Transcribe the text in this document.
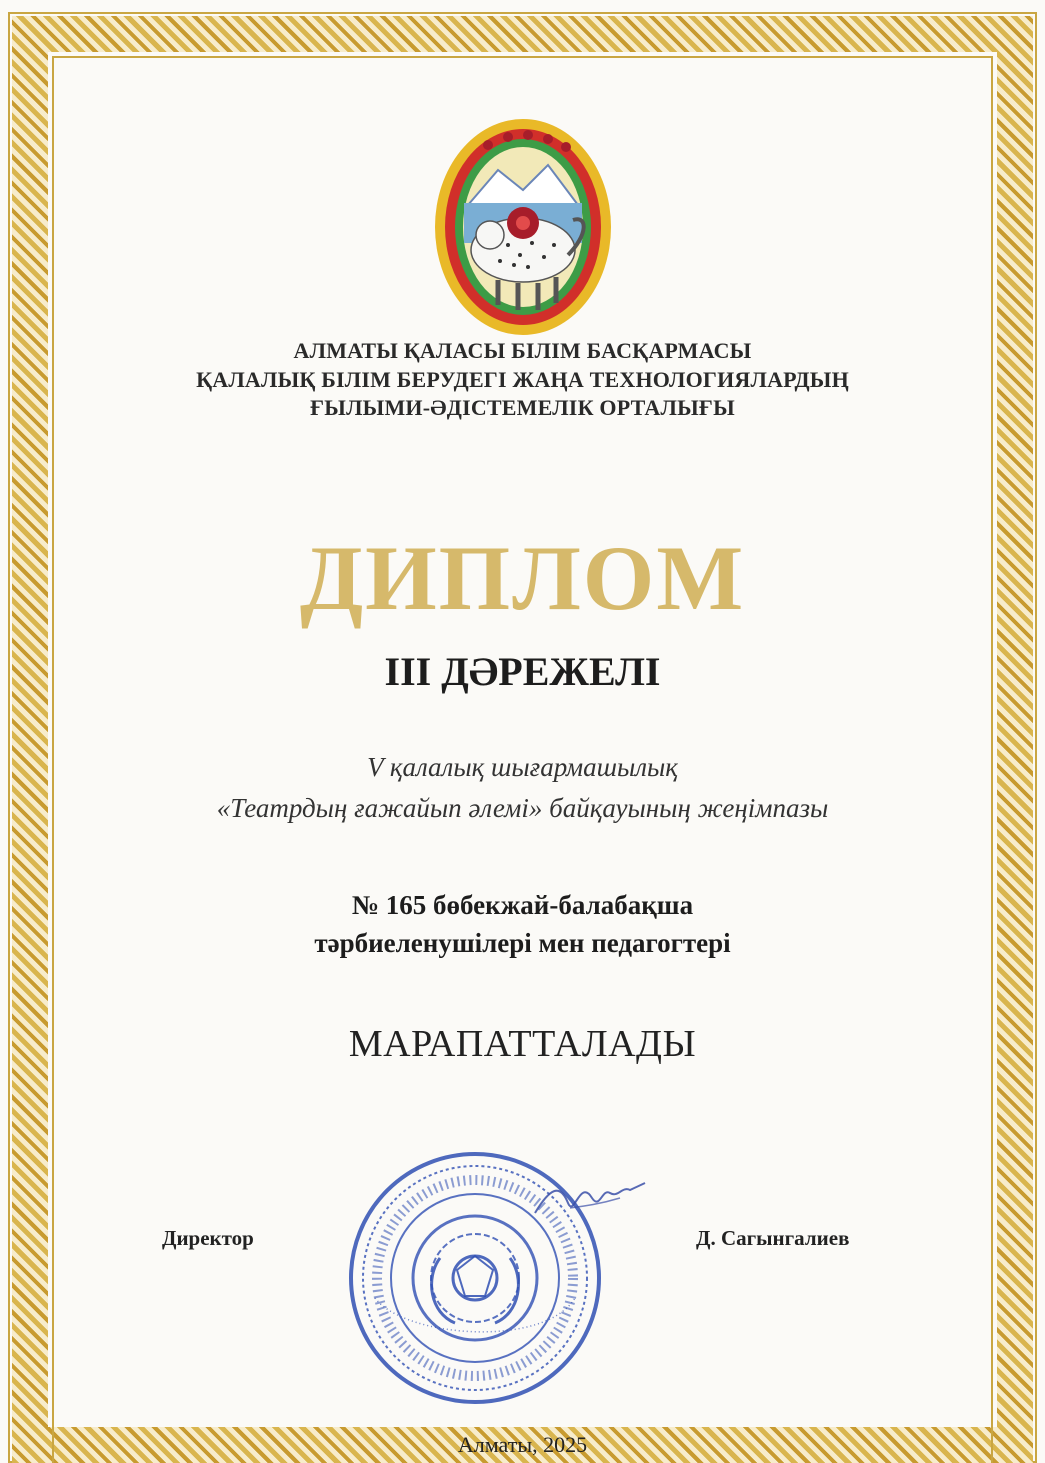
АЛМАТЫ ҚАЛАСЫ БІЛІМ БАСҚАРМАСЫ
ҚАЛАЛЫҚ БІЛІМ БЕРУДЕГІ ЖАҢА ТЕХНОЛОГИЯЛАРДЫҢ
ҒЫЛЫМИ-ӘДІСТЕМЕЛІК ОРТАЛЫҒЫ
ДИПЛОМ
ІІІ ДӘРЕЖЕЛІ
V қалалық шығармашылық
«Театрдың ғажайып әлемі» байқауының жеңімпазы
№ 165 бөбекжай-балабақша
тәрбиеленушілері мен педагогтері
МАРАПАТТАЛАДЫ
Директор	Д. Сагынгалиев
Алматы, 2025
